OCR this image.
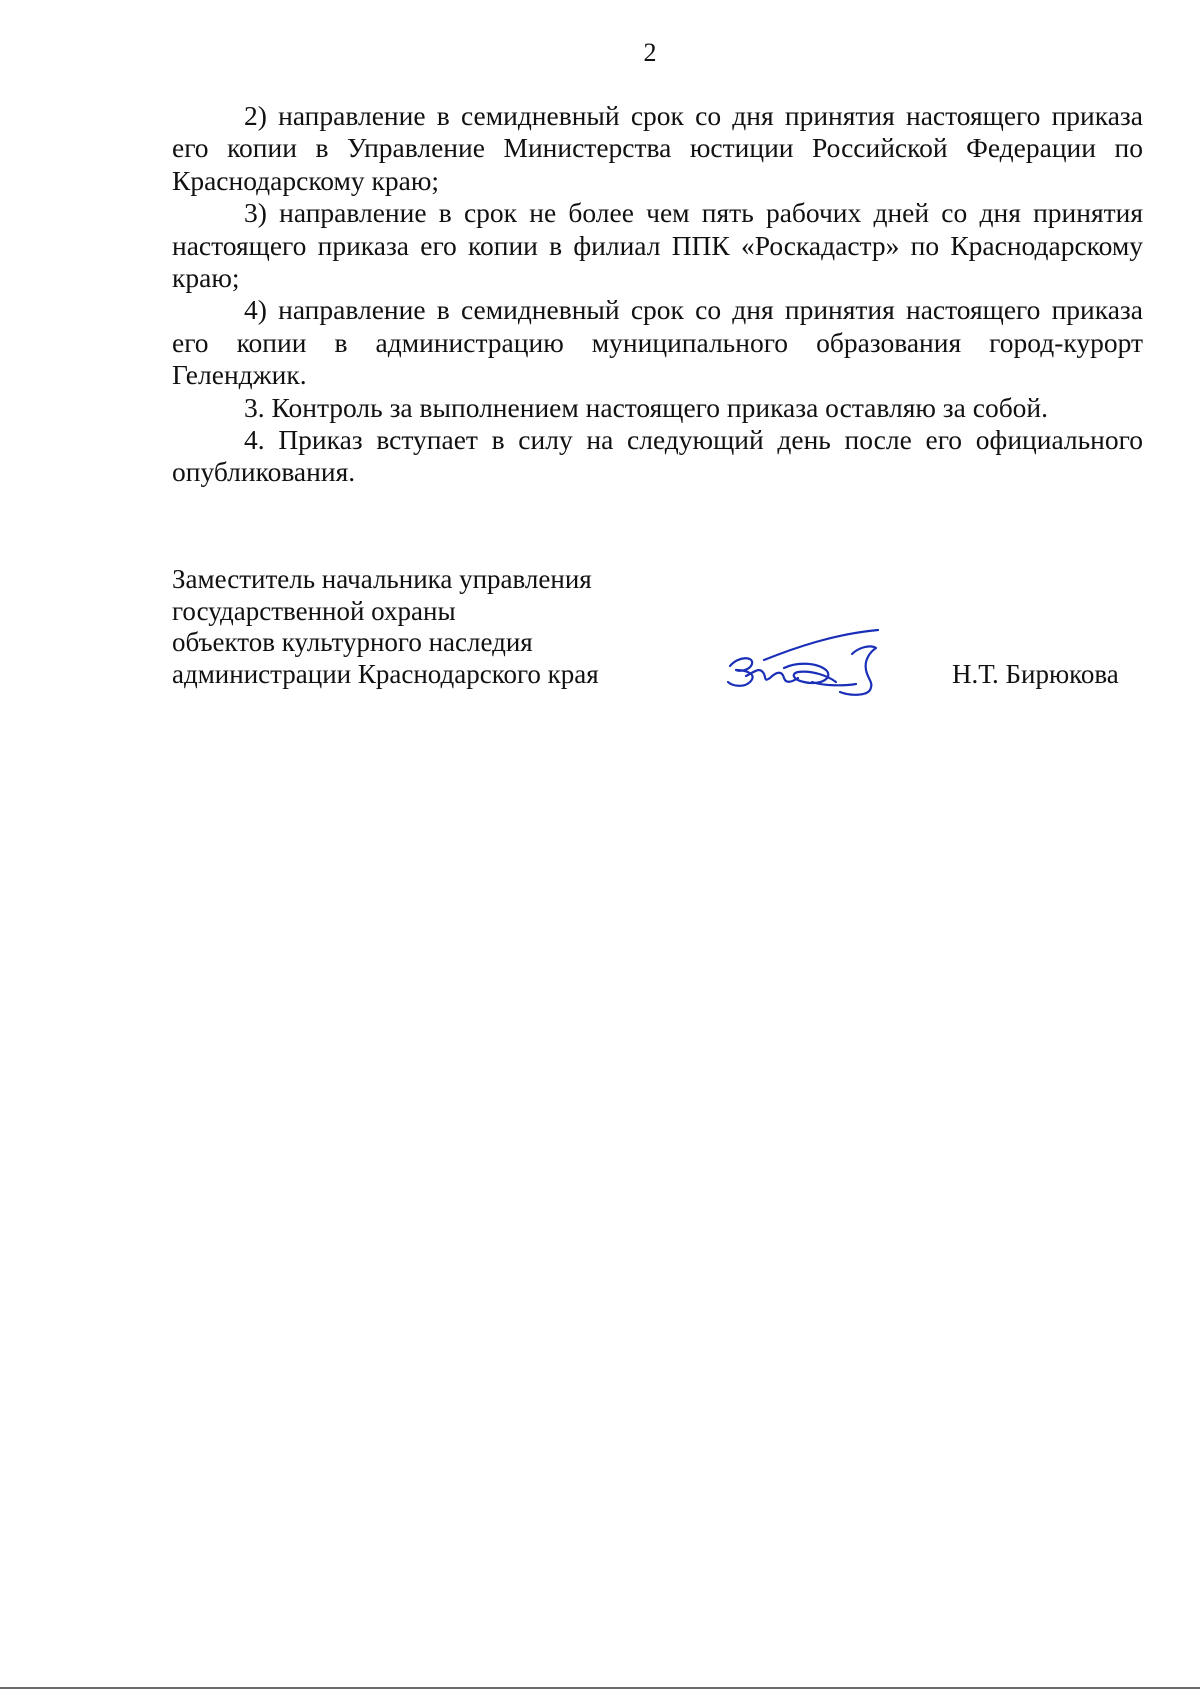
2

2) направление в семидневный срок со дня принятия настоящего приказа его копии в Управление Министерства юстиции Российской Федерации по Краснодарскому краю;

3) направление в срок не более чем пять рабочих дней со дня принятия настоящего приказа его копии в филиал ППК «Роскадастр» по Краснодарскому краю;

4) направление в семидневный срок со дня принятия настоящего приказа его копии в администрацию муниципального образования город-курорт Геленджик.

3. Контроль за выполнением настоящего приказа оставляю за собой.

4. Приказ вступает в силу на следующий день после его официального опубликования.

Заместитель начальника управления
государственной охраны
объектов культурного наследия
администрации Краснодарского края	Н.Т. Бирюкова
